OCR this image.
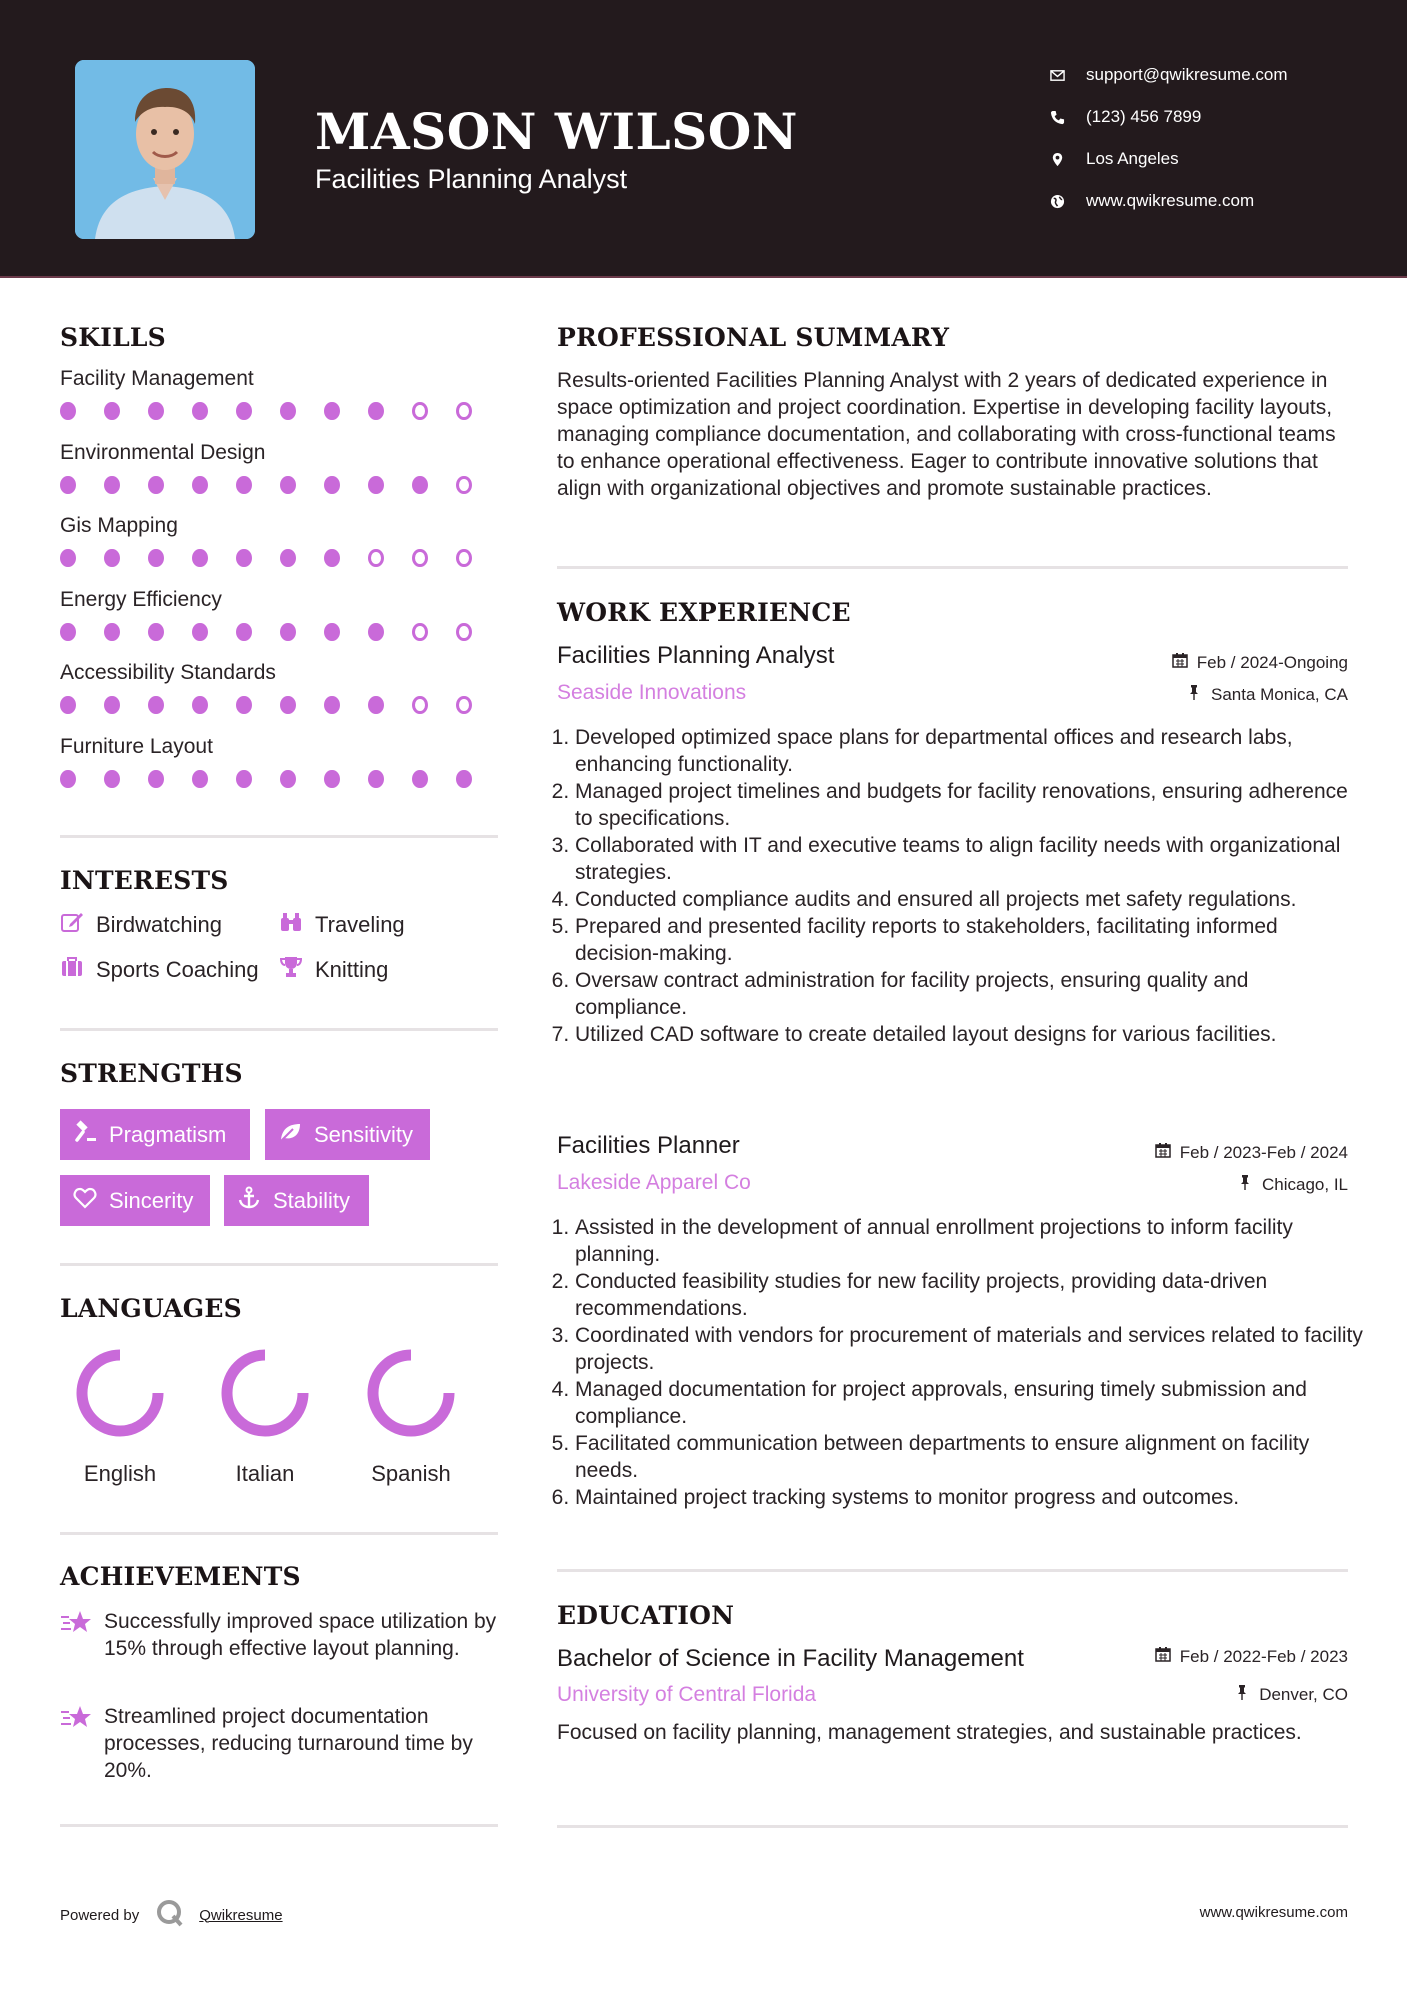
MASON WILSON
Facilities Planning Analyst
support@qwikresume.com
(123) 456 7899
Los Angeles
www.qwikresume.com
SKILLS
Facility Management
Environmental Design
Gis Mapping
Energy Efficiency
Accessibility Standards
Furniture Layout
INTERESTS
Birdwatching	Traveling
Sports Coaching	Knitting
STRENGTHS
Pragmatism	Sensitivity
Sincerity	Stability
LANGUAGES
English	Italian	Spanish
ACHIEVEMENTS
Successfully improved space utilization by 15% through effective layout planning.
Streamlined project documentation processes, reducing turnaround time by 20%.
PROFESSIONAL SUMMARY

Results-oriented Facilities Planning Analyst with 2 years of dedicated experience in space optimization and project coordination. Expertise in developing facility layouts, managing compliance documentation, and collaborating with cross-functional teams to enhance operational effectiveness. Eager to contribute innovative solutions that align with organizational objectives and promote sustainable practices.

WORK EXPERIENCE
Facilities Planning Analyst	Feb / 2024-Ongoing
Seaside Innovations	Santa Monica, CA
1. Developed optimized space plans for departmental offices and research labs, enhancing functionality.
2. Managed project timelines and budgets for facility renovations, ensuring adherence to specifications.
3. Collaborated with IT and executive teams to align facility needs with organizational strategies.
4. Conducted compliance audits and ensured all projects met safety regulations.
5. Prepared and presented facility reports to stakeholders, facilitating informed decision-making.
6. Oversaw contract administration for facility projects, ensuring quality and compliance.
7. Utilized CAD software to create detailed layout designs for various facilities.
Facilities Planner	Feb / 2023-Feb / 2024
Lakeside Apparel Co	Chicago, IL
1. Assisted in the development of annual enrollment projections to inform facility planning.
2. Conducted feasibility studies for new facility projects, providing data-driven recommendations.
3. Coordinated with vendors for procurement of materials and services related to facility projects.
4. Managed documentation for project approvals, ensuring timely submission and compliance.
5. Facilitated communication between departments to ensure alignment on facility needs.
6. Maintained project tracking systems to monitor progress and outcomes.
EDUCATION
Bachelor of Science in Facility Management	Feb / 2022-Feb / 2023
University of Central Florida	Denver, CO

Focused on facility planning, management strategies, and sustainable practices.

Powered by	Qwikresume	www.qwikresume.com
